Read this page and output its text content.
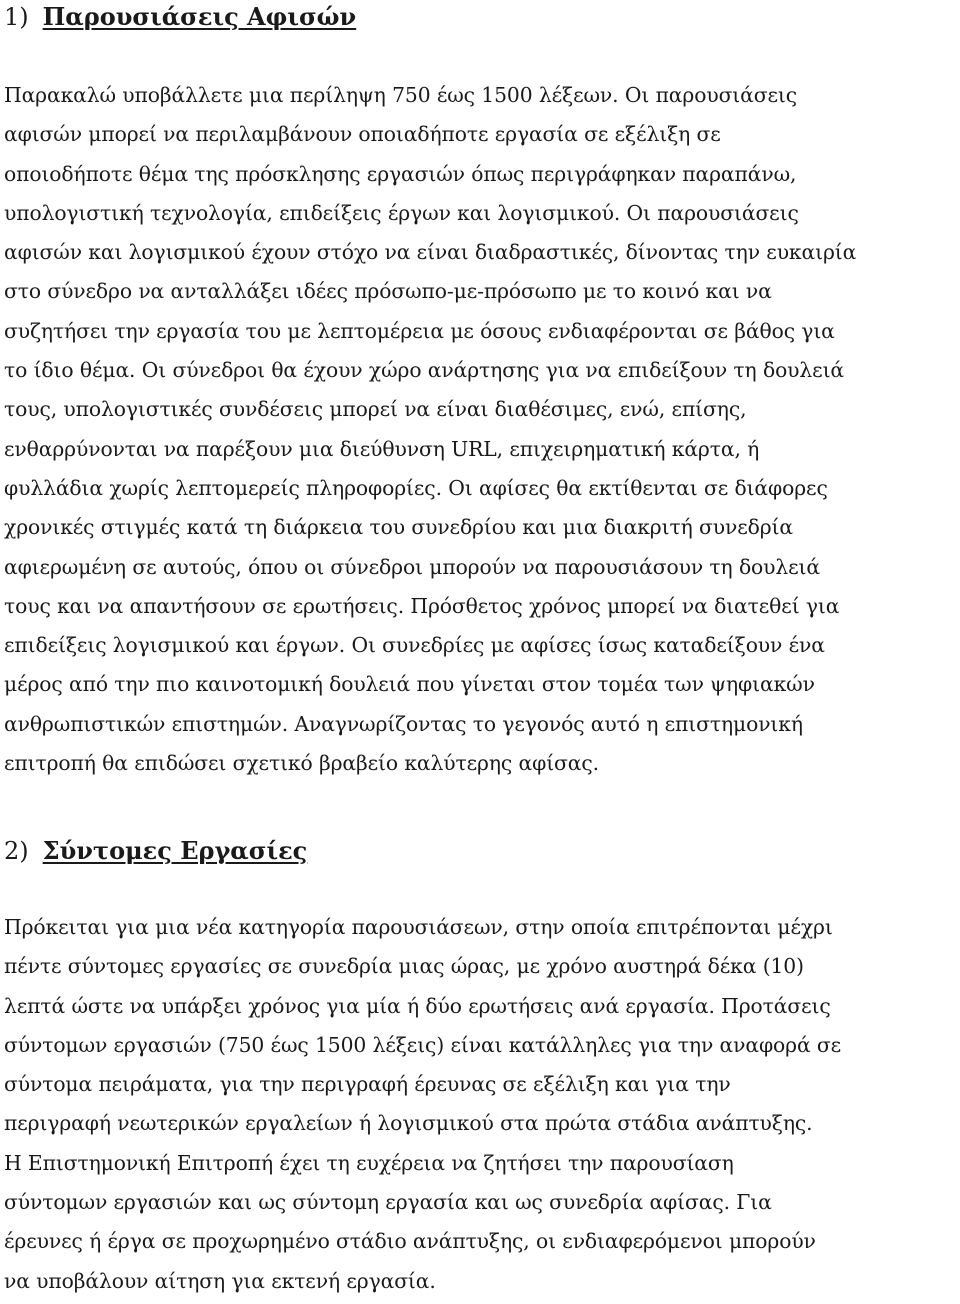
1) Παρουσιάσεις Αφισών

Παρακαλώ υποβάλλετε μια περίληψη 750 έως 1500 λέξεων. Οι παρουσιάσεις
αφισών μπορεί να περιλαμβάνουν οποιαδήποτε εργασία σε εξέλιξη σε
οποιοδήποτε θέμα της πρόσκλησης εργασιών όπως περιγράφηκαν παραπάνω,
υπολογιστική τεχνολογία, επιδείξεις έργων και λογισμικού. Οι παρουσιάσεις
αφισών και λογισμικού έχουν στόχο να είναι διαδραστικές, δίνοντας την ευκαιρία
στο σύνεδρο να ανταλλάξει ιδέες πρόσωπο-με-πρόσωπο με το κοινό και να
συζητήσει την εργασία του με λεπτομέρεια με όσους ενδιαφέρονται σε βάθος για
το ίδιο θέμα. Οι σύνεδροι θα έχουν χώρο ανάρτησης για να επιδείξουν τη δουλειά
τους, υπολογιστικές συνδέσεις μπορεί να είναι διαθέσιμες, ενώ, επίσης,
ενθαρρύνονται να παρέξουν μια διεύθυνση URL, επιχειρηματική κάρτα, ή
φυλλάδια χωρίς λεπτομερείς πληροφορίες. Οι αφίσες θα εκτίθενται σε διάφορες
χρονικές στιγμές κατά τη διάρκεια του συνεδρίου και μια διακριτή συνεδρία
αφιερωμένη σε αυτούς, όπου οι σύνεδροι μπορούν να παρουσιάσουν τη δουλειά
τους και να απαντήσουν σε ερωτήσεις. Πρόσθετος χρόνος μπορεί να διατεθεί για
επιδείξεις λογισμικού και έργων. Οι συνεδρίες με αφίσες ίσως καταδείξουν ένα
μέρος από την πιο καινοτομική δουλειά που γίνεται στον τομέα των ψηφιακών
ανθρωπιστικών επιστημών. Αναγνωρίζοντας το γεγονός αυτό η επιστημονική
επιτροπή θα επιδώσει σχετικό βραβείο καλύτερης αφίσας.

2) Σύντομες Εργασίες

Πρόκειται για μια νέα κατηγορία παρουσιάσεων, στην οποία επιτρέπονται μέχρι
πέντε σύντομες εργασίες σε συνεδρία μιας ώρας, με χρόνο αυστηρά δέκα (10)
λεπτά ώστε να υπάρξει χρόνος για μία ή δύο ερωτήσεις ανά εργασία. Προτάσεις
σύντομων εργασιών (750 έως 1500 λέξεις) είναι κατάλληλες για την αναφορά σε
σύντομα πειράματα, για την περιγραφή έρευνας σε εξέλιξη και για την
περιγραφή νεωτερικών εργαλείων ή λογισμικού στα πρώτα στάδια ανάπτυξης.
Η Επιστημονική Επιτροπή έχει τη ευχέρεια να ζητήσει την παρουσίαση
σύντομων εργασιών και ως σύντομη εργασία και ως συνεδρία αφίσας. Για
έρευνες ή έργα σε προχωρημένο στάδιο ανάπτυξης, οι ενδιαφερόμενοι μπορούν
να υποβάλουν αίτηση για εκτενή εργασία.
